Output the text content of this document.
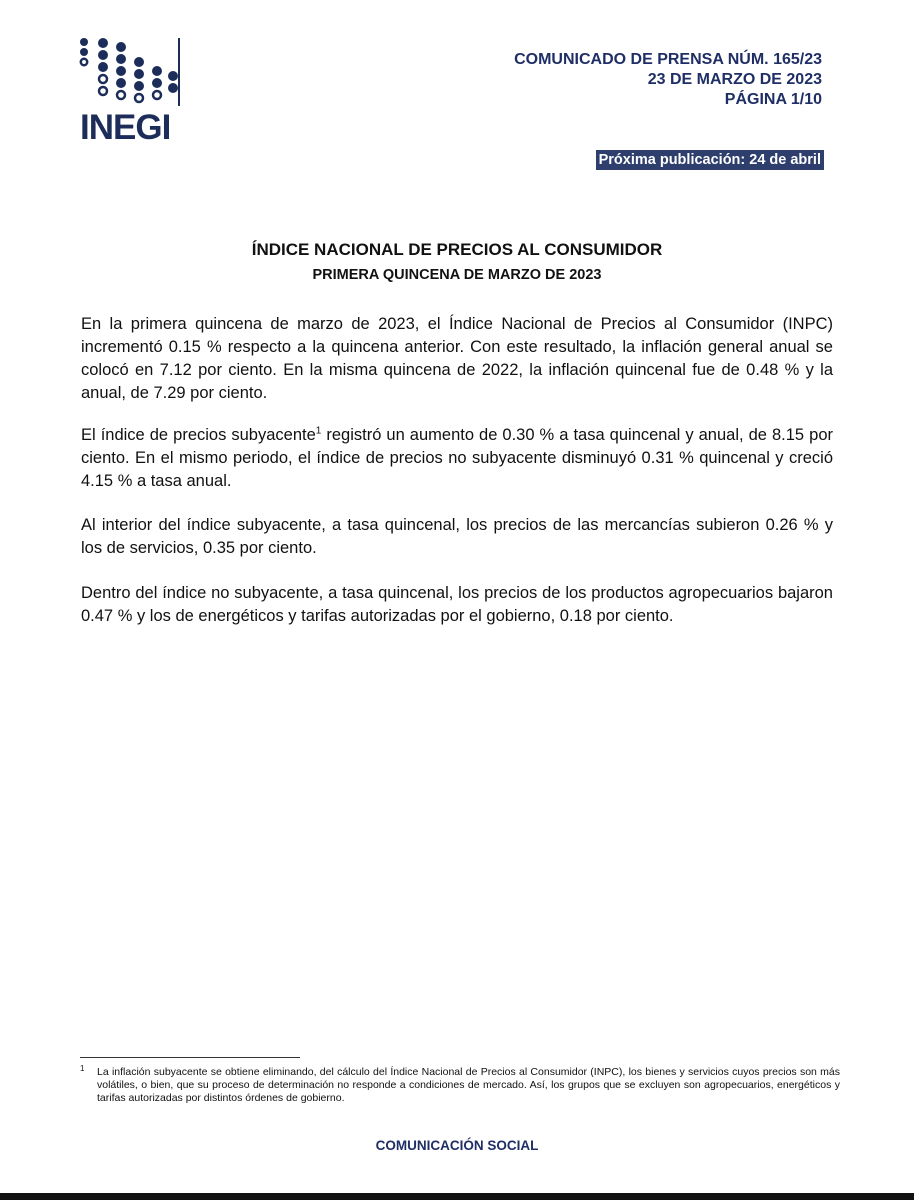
INEGI
COMUNICADO DE PRENSA NÚM. 165/23
23 DE MARZO DE 2023
PÁGINA 1/10
Próxima publicación: 24 de abril
ÍNDICE NACIONAL DE PRECIOS AL CONSUMIDOR
PRIMERA QUINCENA DE MARZO DE 2023

En la primera quincena de marzo de 2023, el Índice Nacional de Precios al Consumidor (INPC) incrementó 0.15 % respecto a la quincena anterior. Con este resultado, la inflación general anual se colocó en 7.12 por ciento. En la misma quincena de 2022, la inflación quincenal fue de 0.48 % y la anual, de 7.29 por ciento.

El índice de precios subyacente$^1$ registró un aumento de 0.30 % a tasa quincenal y anual, de 8.15 por ciento. En el mismo periodo, el índice de precios no subyacente disminuyó 0.31 % quincenal y creció 4.15 % a tasa anual.

Al interior del índice subyacente, a tasa quincenal, los precios de las mercancías subieron 0.26 % y los de servicios, 0.35 por ciento.

Dentro del índice no subyacente, a tasa quincenal, los precios de los productos agropecuarios bajaron 0.47 % y los de energéticos y tarifas autorizadas por el gobierno, 0.18 por ciento.

1	La inflación subyacente se obtiene eliminando, del cálculo del Índice Nacional de Precios al Consumidor (INPC), los bienes y servicios cuyos precios son más volátiles, o bien, que su proceso de determinación no responde a condiciones de mercado. Así, los grupos que se excluyen son agropecuarios, energéticos y tarifas autorizadas por distintos órdenes de gobierno.
COMUNICACIÓN SOCIAL
